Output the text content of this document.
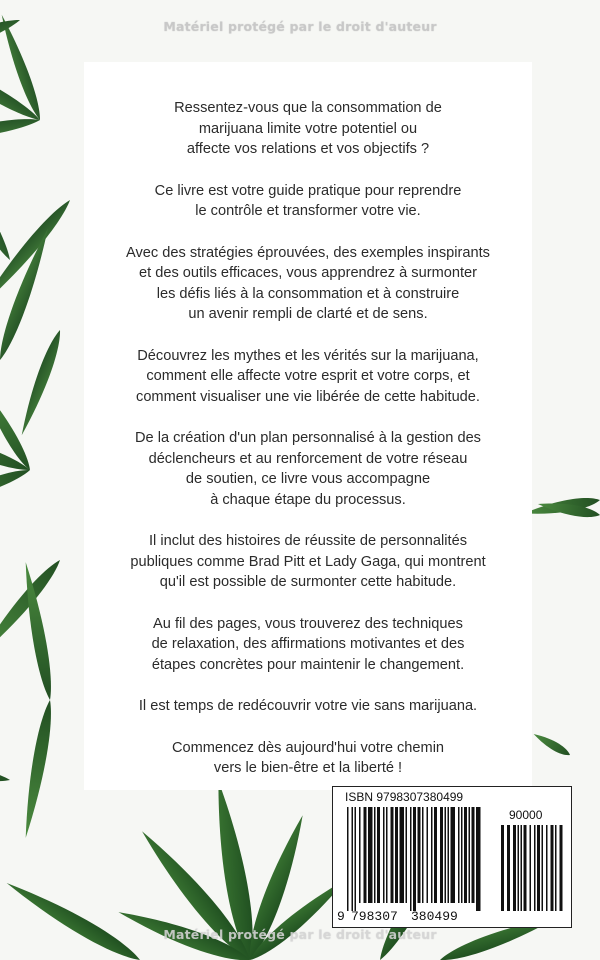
Matériel protégé par le droit d'auteur

Ressentez-vous que la consommation de
marijuana limite votre potentiel ou
affecte vos relations et vos objectifs ?

Ce livre est votre guide pratique pour reprendre
le contrôle et transformer votre vie.

Avec des stratégies éprouvées, des exemples inspirants
et des outils efficaces, vous apprendrez à surmonter
les défis liés à la consommation et à construire
un avenir rempli de clarté et de sens.

Découvrez les mythes et les vérités sur la marijuana,
comment elle affecte votre esprit et votre corps, et
comment visualiser une vie libérée de cette habitude.

De la création d'un plan personnalisé à la gestion des
déclencheurs et au renforcement de votre réseau
de soutien, ce livre vous accompagne
à chaque étape du processus.

Il inclut des histoires de réussite de personnalités
publiques comme Brad Pitt et Lady Gaga, qui montrent
qu'il est possible de surmonter cette habitude.

Au fil des pages, vous trouverez des techniques
de relaxation, des affirmations motivantes et des
étapes concrètes pour maintenir le changement.

Il est temps de redécouvrir votre vie sans marijuana.

Commencez dès aujourd'hui votre chemin
vers le bien-être et la liberté !

9 798307 380499
ISBN 9798307380499
90000
Matériel protégé par le droit d'auteur
